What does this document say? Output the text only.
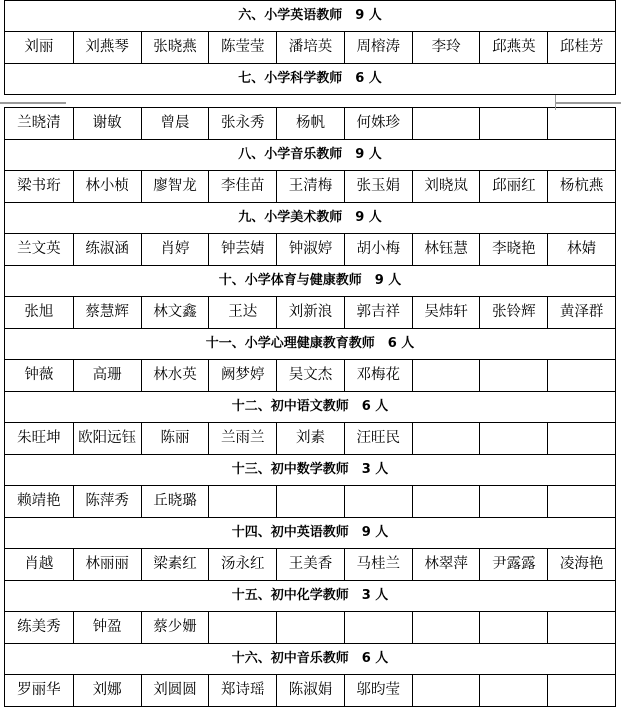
六、小学英语教师　9 人
刘丽	刘燕琴	张晓燕	陈莹莹	潘培英	周榕涛	李玲	邱燕英	邱桂芳
七、小学科学教师　6 人
兰晓清	谢敏	曾晨	张永秀	杨帆	何姝珍
八、小学音乐教师　9 人
梁书珩	林小桢	廖智龙	李佳苗	王清梅	张玉娟	刘晓岚	邱丽红	杨杭燕
九、小学美术教师　9 人
兰文英	练淑涵	肖婷	钟芸婧	钟淑婷	胡小梅	林钰慧	李晓艳	林婧
十、小学体育与健康教师　9 人
张旭	蔡慧辉	林文鑫	王达	刘新浪	郭吉祥	吴炜轩	张铃辉	黄泽群
十一、小学心理健康教育教师　6 人
钟薇	高珊	林水英	阙梦婷	吴文杰	邓梅花
十二、初中语文教师　6 人
朱旺坤	欧阳远钰	陈丽	兰雨兰	刘素	汪旺民
十三、初中数学教师　3 人
赖靖艳	陈萍秀	丘晓璐
十四、初中英语教师　9 人
肖越	林丽丽	梁素红	汤永红	王美香	马桂兰	林翠萍	尹露露	凌海艳
十五、初中化学教师　3 人
练美秀	钟盈	蔡少姗
十六、初中音乐教师　6 人
罗丽华	刘娜	刘圆圆	郑诗瑶	陈淑娟	邬昀莹
